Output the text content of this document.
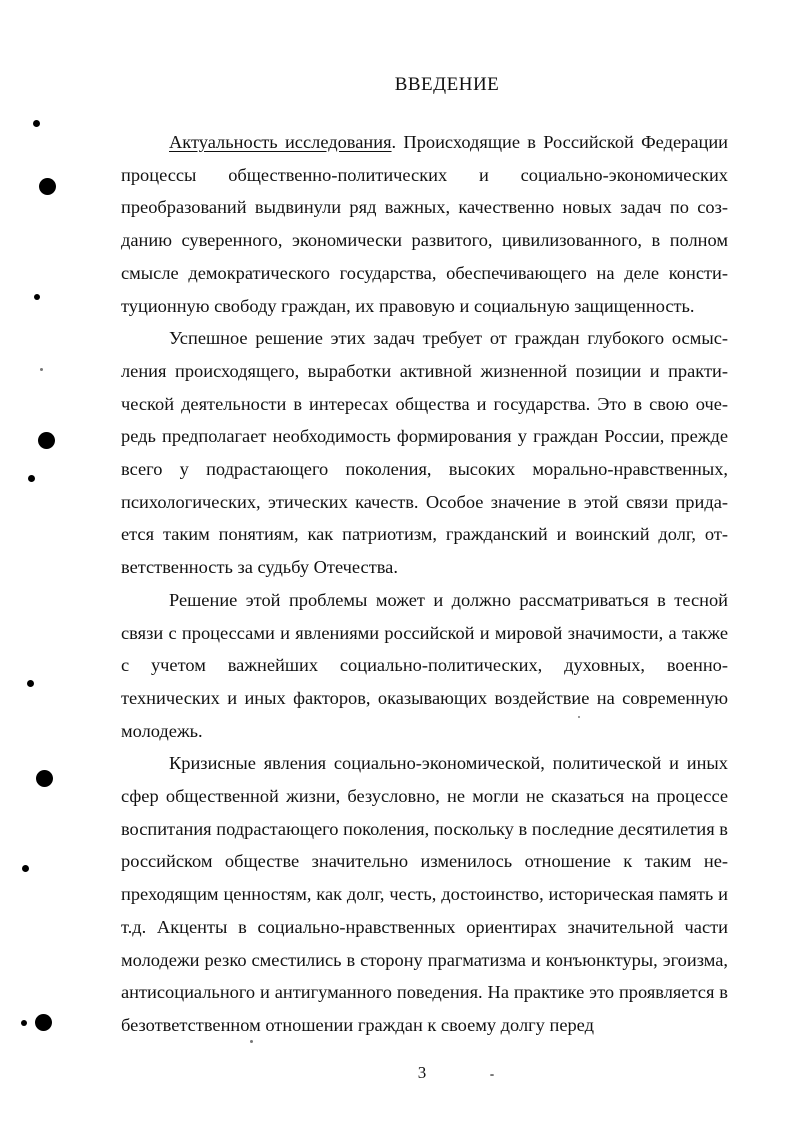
ВВЕДЕНИЕ

Актуальность исследования. Происходящие в Российской Федерации процессы общественно-политических и социально-экономических преобразований выдвинули ряд важных, качественно новых задач по созданию суверенного, экономически развитого, цивилизованного, в полном смысле демократического государства, обеспечивающего на деле конституционную свободу граждан, их правовую и социальную защищенность.

Успешное решение этих задач требует от граждан глубокого осмысления происходящего, выработки активной жизненной позиции и практической деятельности в интересах общества и государства. Это в свою очередь предполагает необходимость формирования у граждан России, прежде всего у подрастающего поколения, высоких морально-нравственных, психологических, этических качеств. Особое значение в этой связи придается таким понятиям, как патриотизм, гражданский и воинский долг, ответственность за судьбу Отечества.

Решение этой проблемы может и должно рассматриваться в тесной связи с процессами и явлениями российской и мировой значимости, а также с учетом важнейших социально-политических, духовных, военно-технических и иных факторов, оказывающих воздействие на современную молодежь.

Кризисные явления социально-экономической, политической и иных сфер общественной жизни, безусловно, не могли не сказаться на процессе воспитания подрастающего поколения, поскольку в последние десятилетия в российском обществе значительно изменилось отношение к таким непреходящим ценностям, как долг, честь, достоинство, историческая память и т.д. Акценты в социально-нравственных ориентирах значительной части молодежи резко сместились в сторону прагматизма и конъюнктуры, эгоизма, антисоциального и антигуманного поведения. На практике это проявляется в безответственном отношении граждан к своему долгу перед

3
